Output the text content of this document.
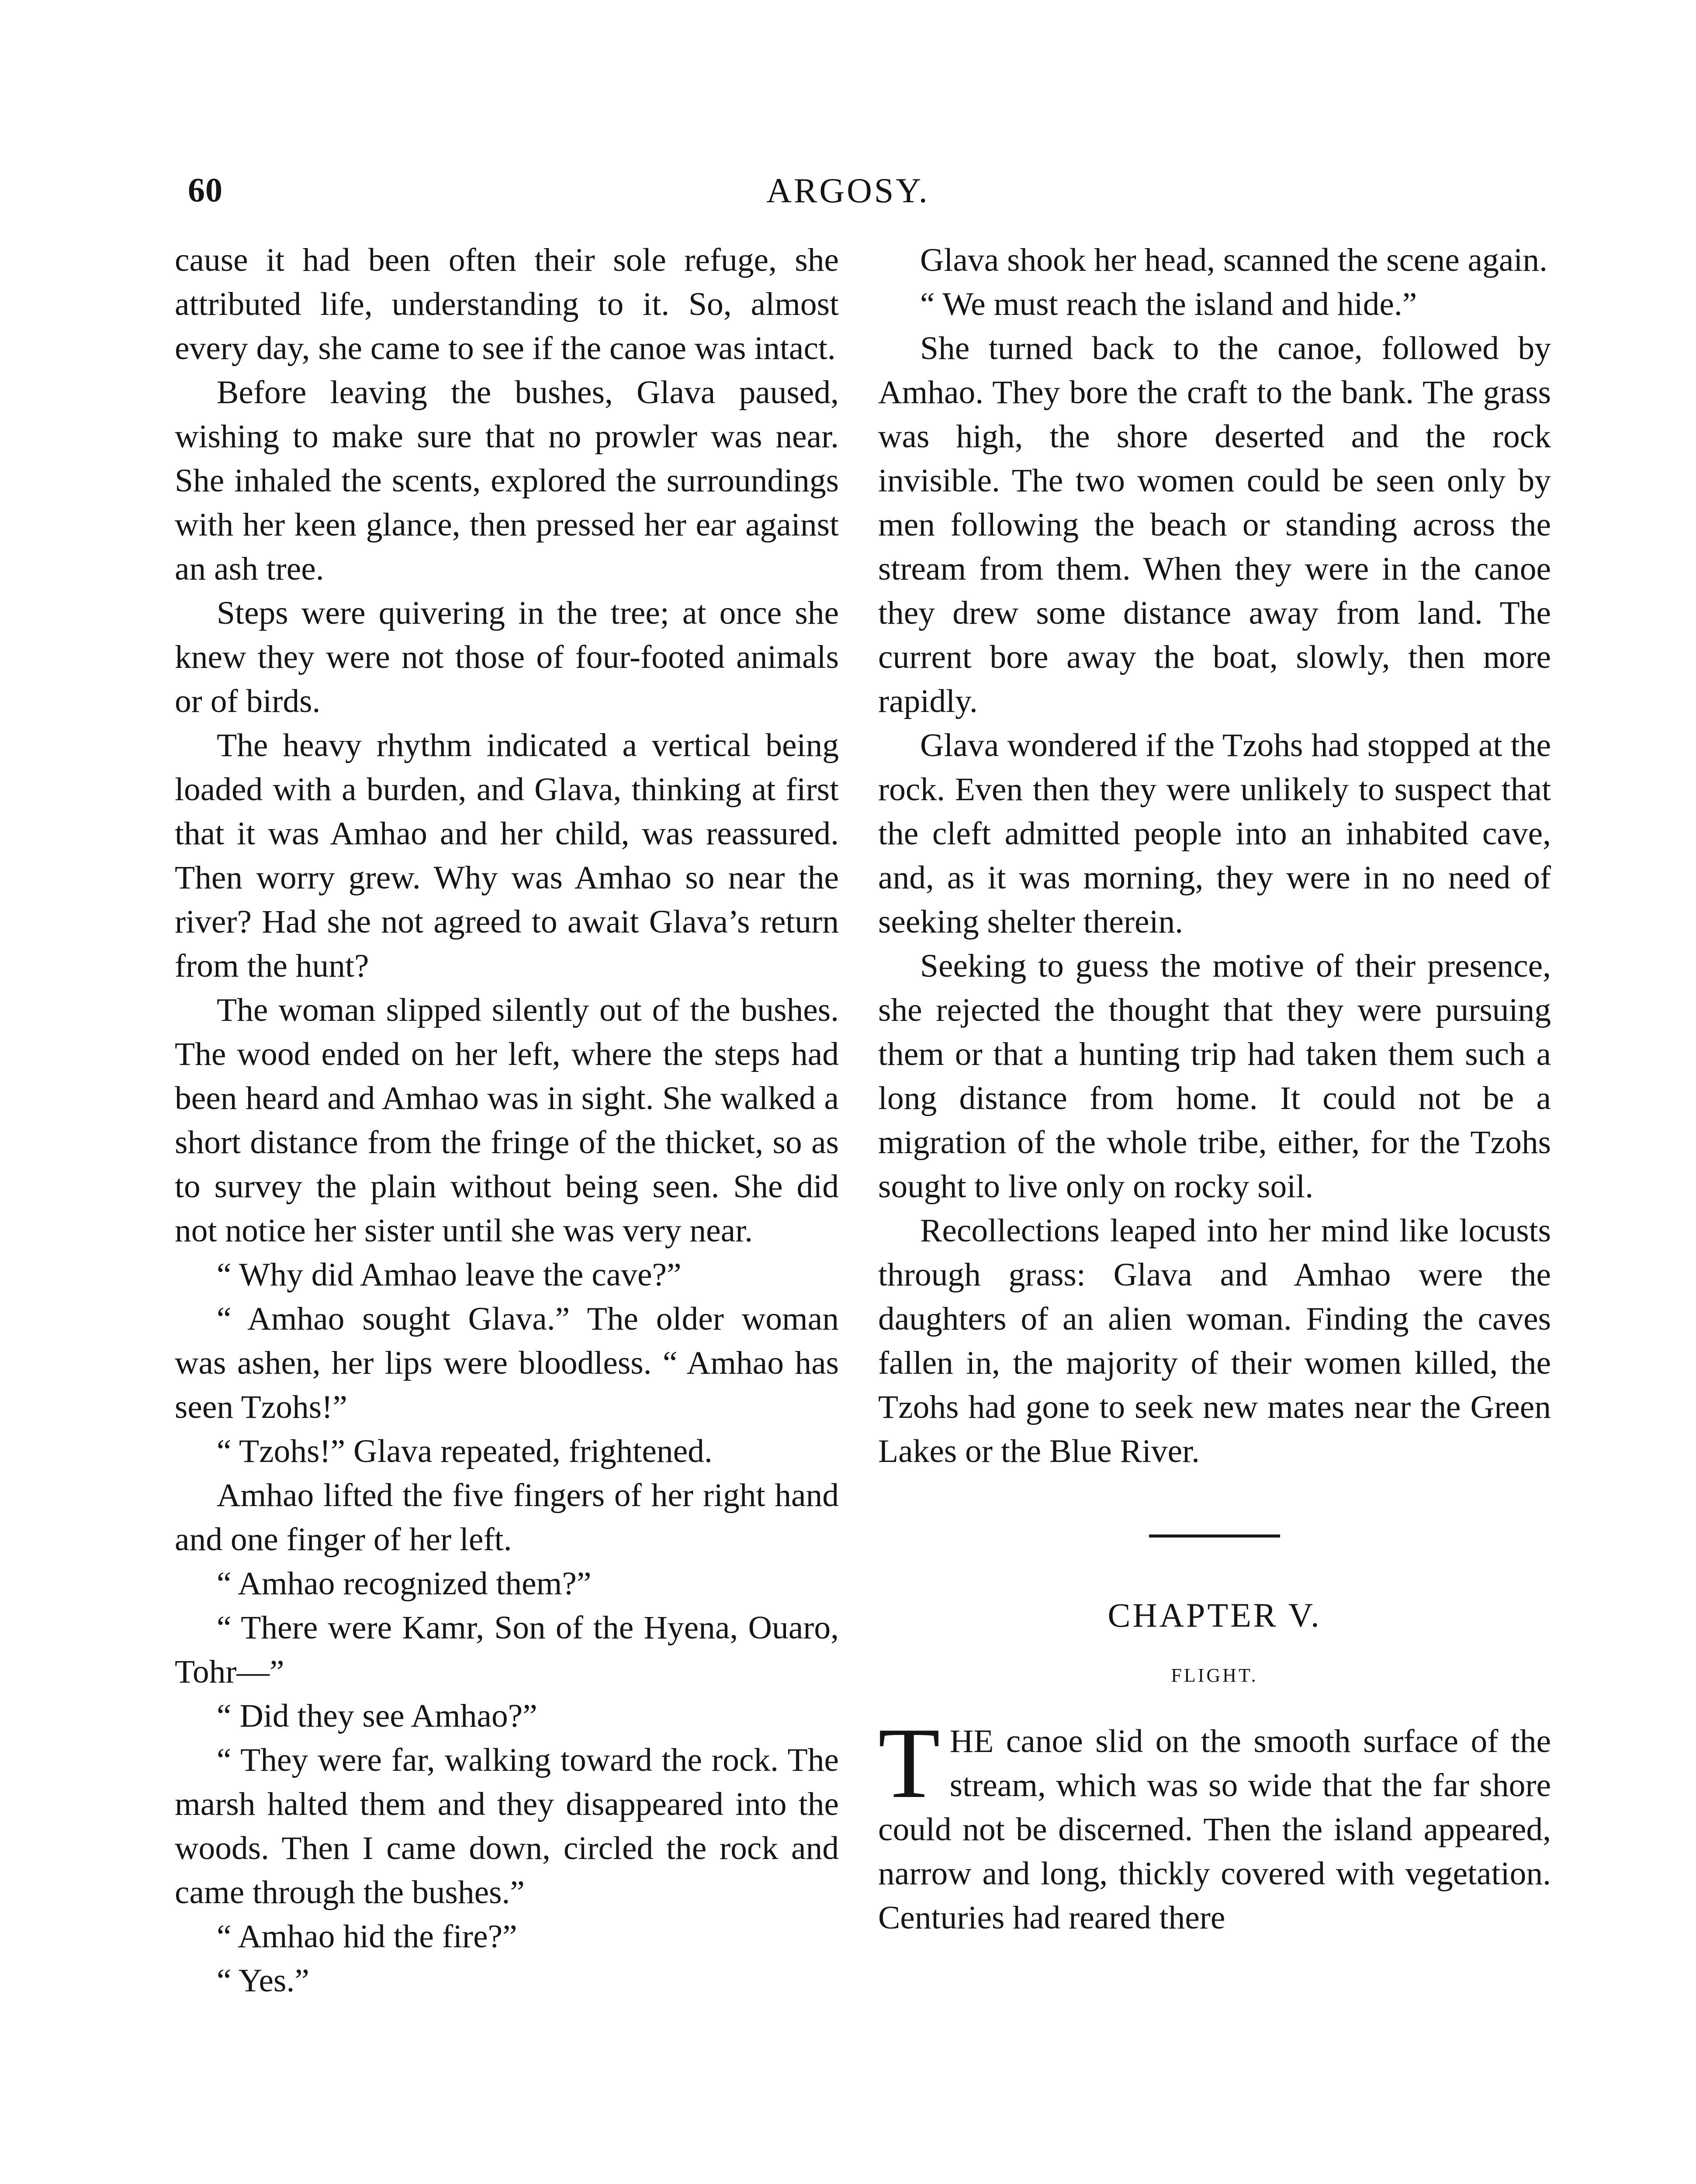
60	ARGOSY.

cause it had been often their sole refuge, she attributed life, understanding to it. So, almost every day, she came to see if the canoe was intact.

Before leaving the bushes, Glava paused, wishing to make sure that no prowler was near. She inhaled the scents, explored the surroundings with her keen glance, then pressed her ear against an ash tree.

Steps were quivering in the tree; at once she knew they were not those of four-footed animals or of birds.

The heavy rhythm indicated a vertical being loaded with a burden, and Glava, thinking at first that it was Amhao and her child, was reassured. Then worry grew. Why was Amhao so near the river? Had she not agreed to await Glava’s return from the hunt?

The woman slipped silently out of the bushes. The wood ended on her left, where the steps had been heard and Amhao was in sight. She walked a short distance from the fringe of the thicket, so as to survey the plain without being seen. She did not notice her sister until she was very near.

“ Why did Amhao leave the cave?”

“ Amhao sought Glava.” The older woman was ashen, her lips were bloodless. “ Amhao has seen Tzohs!”

“ Tzohs!” Glava repeated, frightened.

Amhao lifted the five fingers of her right hand and one finger of her left.

“ Amhao recognized them?”

“ There were Kamr, Son of the Hyena, Ouaro, Tohr—”

“ Did they see Amhao?”

“ They were far, walking toward the rock. The marsh halted them and they disappeared into the woods. Then I came down, circled the rock and came through the bushes.”

“ Amhao hid the fire?”

“ Yes.”

Glava shook her head, scanned the scene again.

“ We must reach the island and hide.”

She turned back to the canoe, followed by Amhao. They bore the craft to the bank. The grass was high, the shore deserted and the rock invisible. The two women could be seen only by men following the beach or standing across the stream from them. When they were in the canoe they drew some distance away from land. The current bore away the boat, slowly, then more rapidly.

Glava wondered if the Tzohs had stopped at the rock. Even then they were unlikely to suspect that the cleft admitted people into an inhabited cave, and, as it was morning, they were in no need of seeking shelter therein.

Seeking to guess the motive of their presence, she rejected the thought that they were pursuing them or that a hunting trip had taken them such a long distance from home. It could not be a migration of the whole tribe, either, for the Tzohs sought to live only on rocky soil.

Recollections leaped into her mind like locusts through grass: Glava and Amhao were the daughters of an alien woman. Finding the caves fallen in, the majority of their women killed, the Tzohs had gone to seek new mates near the Green Lakes or the Blue River.

CHAPTER V.
FLIGHT.

THE canoe slid on the smooth surface of the stream, which was so wide that the far shore could not be discerned. Then the island appeared, narrow and long, thickly covered with vegetation. Centuries had reared there
